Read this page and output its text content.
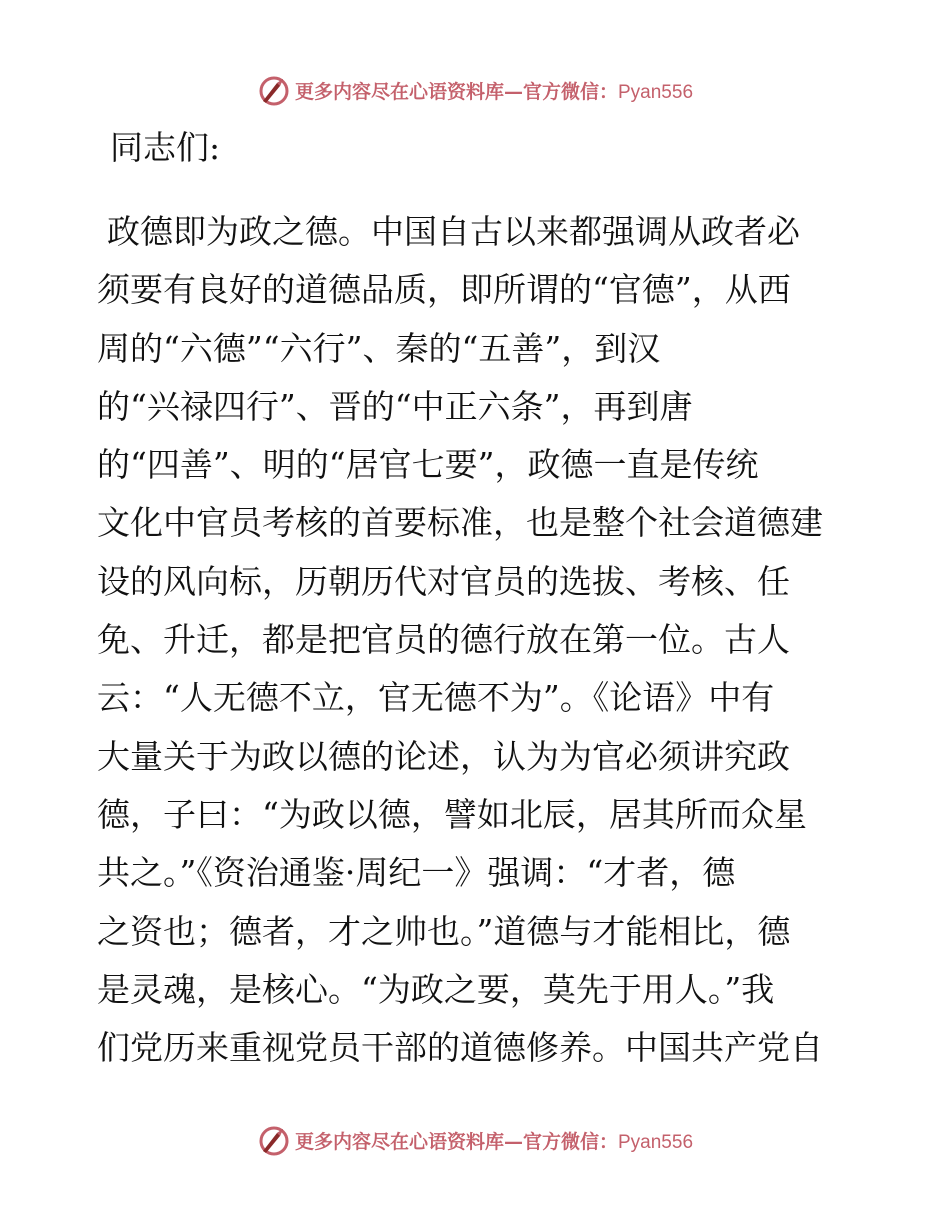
更多内容尽在心语资料库—官方微信：Pyan556
同志们:
政德即为政之德。中国自古以来都强调从政者必
须要有良好的道德品质，即所谓的“官德”，从西
周的“六德”“六行”、秦的“五善”，到汉
的“兴禄四行”、晋的“中正六条”，再到唐
的“四善”、明的“居官七要”，政德一直是传统
文化中官员考核的首要标准，也是整个社会道德建
设的风向标，历朝历代对官员的选拔、考核、任
免、升迁，都是把官员的德行放在第一位。古人
云：“人无德不立，官无德不为”。《论语》中有
大量关于为政以德的论述，认为为官必须讲究政
德，子曰：“为政以德，譬如北辰，居其所而众星
共之。”《资治通鉴·周纪一》强调：“才者，德
之资也；德者，才之帅也。”道德与才能相比，德
是灵魂，是核心。“为政之要，莫先于用人。”我
们党历来重视党员干部的道德修养。中国共产党自
更多内容尽在心语资料库—官方微信：Pyan556
